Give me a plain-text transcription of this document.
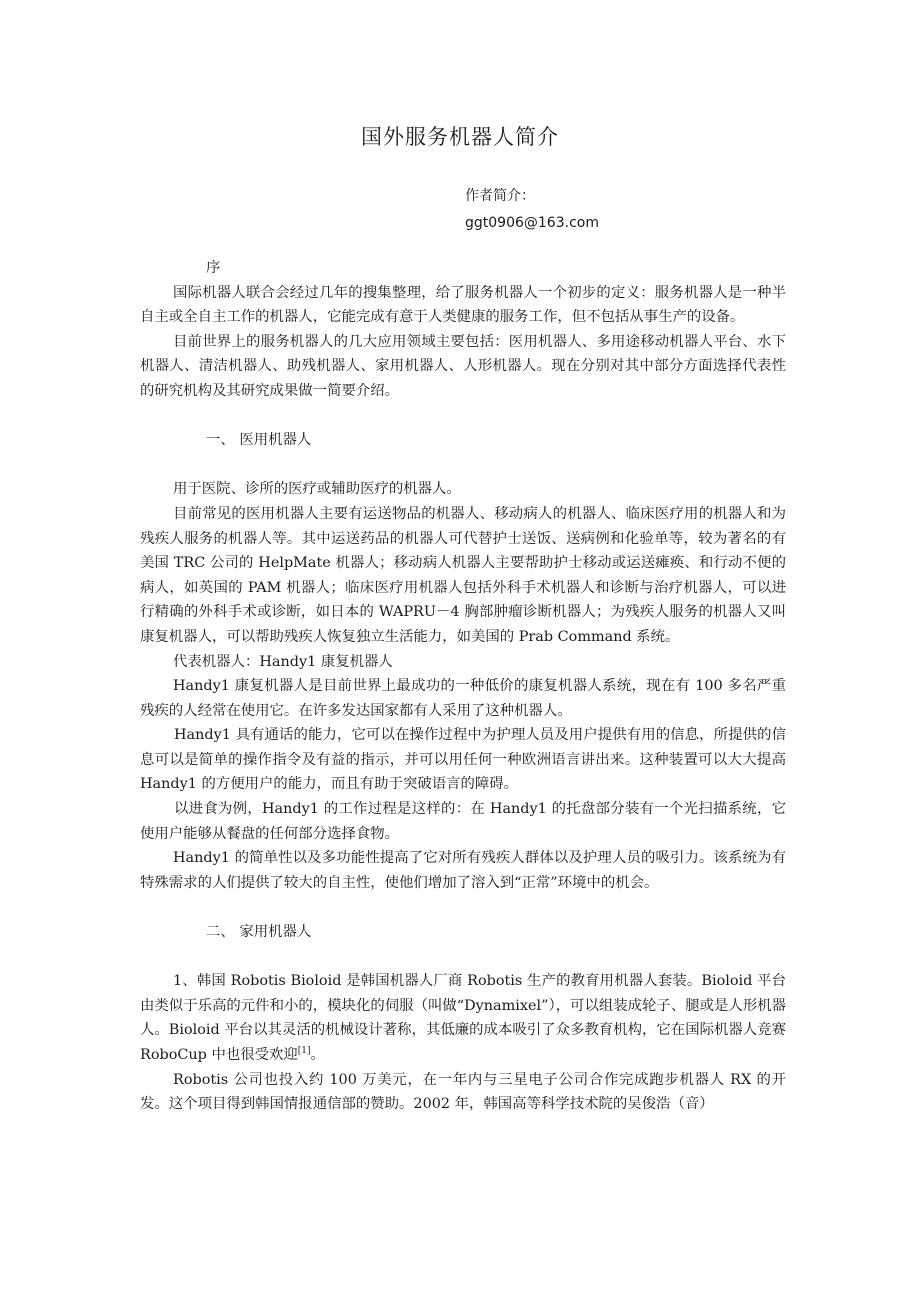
国外服务机器人简介
作者简介：
ggt0906@163.com

序

国际机器人联合会经过几年的搜集整理，给了服务机器人一个初步的定义：服务机器人是一种半自主或全自主工作的机器人，它能完成有意于人类健康的服务工作，但不包括从事生产的设备。

目前世界上的服务机器人的几大应用领域主要包括：医用机器人、多用途移动机器人平台、水下机器人、清洁机器人、助残机器人、家用机器人、人形机器人。现在分别对其中部分方面选择代表性的研究机构及其研究成果做一简要介绍。

一、 医用机器人

用于医院、诊所的医疗或辅助医疗的机器人。

目前常见的医用机器人主要有运送物品的机器人、移动病人的机器人、临床医疗用的机器人和为残疾人服务的机器人等。其中运送药品的机器人可代替护士送饭、送病例和化验单等，较为著名的有美国 TRC 公司的 HelpMate 机器人；移动病人机器人主要帮助护士移动或运送瘫痪、和行动不便的病人，如英国的 PAM 机器人；临床医疗用机器人包括外科手术机器人和诊断与治疗机器人，可以进行精确的外科手术或诊断，如日本的 WAPRU－4 胸部肿瘤诊断机器人；为残疾人服务的机器人又叫康复机器人，可以帮助残疾人恢复独立生活能力，如美国的 Prab Command 系统。

代表机器人：Handy1 康复机器人

Handy1 康复机器人是目前世界上最成功的一种低价的康复机器人系统，现在有 100 多名严重残疾的人经常在使用它。在许多发达国家都有人采用了这种机器人。

Handy1 具有通话的能力，它可以在操作过程中为护理人员及用户提供有用的信息，所提供的信息可以是简单的操作指令及有益的指示，并可以用任何一种欧洲语言讲出来。这种装置可以大大提高 Handy1 的方便用户的能力，而且有助于突破语言的障碍。

以进食为例，Handy1 的工作过程是这样的：在 Handy1 的托盘部分装有一个光扫描系统，它使用户能够从餐盘的任何部分选择食物。

Handy1 的简单性以及多功能性提高了它对所有残疾人群体以及护理人员的吸引力。该系统为有特殊需求的人们提供了较大的自主性，使他们增加了溶入到“正常”环境中的机会。

二、 家用机器人

1、韩国 Robotis Bioloid 是韩国机器人厂商 Robotis 生产的教育用机器人套装。Bioloid 平台由类似于乐高的元件和小的，模块化的伺服（叫做“Dynamixel”），可以组装成轮子、腿或是人形机器人。Bioloid 平台以其灵活的机械设计著称，其低廉的成本吸引了众多教育机构，它在国际机器人竞赛 RoboCup 中也很受欢迎[1]。

Robotis 公司也投入约 100 万美元，在一年内与三星电子公司合作完成跑步机器人 RX 的开发。这个项目得到韩国情报通信部的赞助。2002 年，韩国高等科学技术院的吴俊浩（音）
